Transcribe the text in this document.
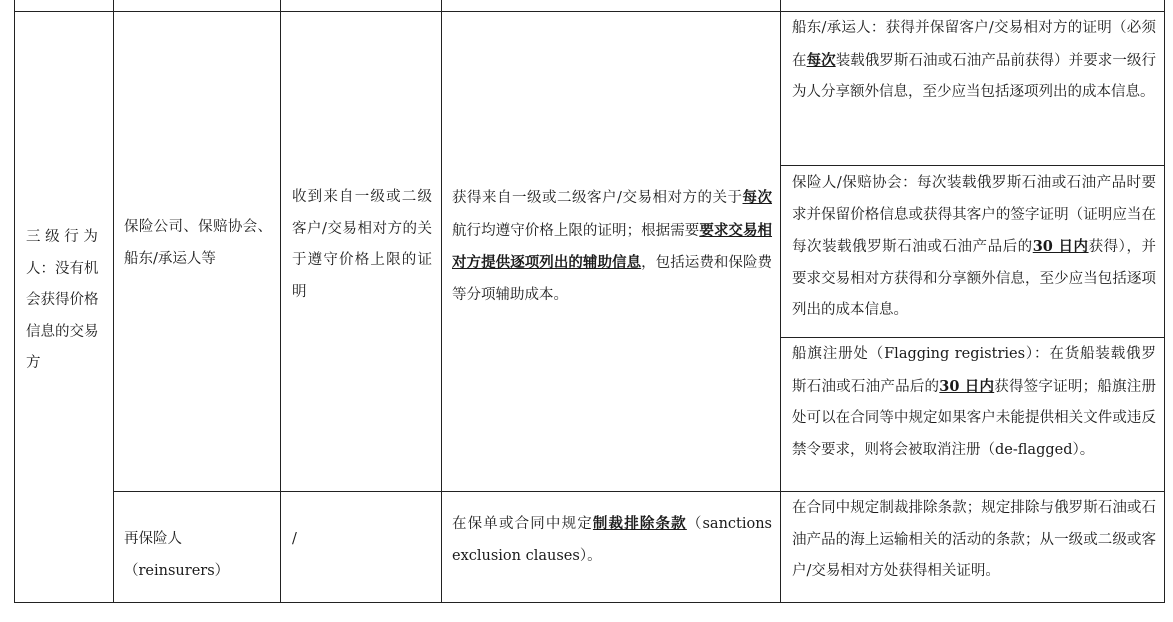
三 级 行 为

人：没有机

会获得价格

信息的交易

方

保险公司、保赔协会、船东/承运人等
收到来自一级或二级客户/交易相对方的关于遵守价格上限的证明
获得来自一级或二级客户/交易相对方的关于每次航行均遵守价格上限的证明；根据需要要求交易相对方提供逐项列出的辅助信息，包括运费和保险费等分项辅助成本。
船东/承运人：获得并保留客户/交易相对方的证明（必须在每次装载俄罗斯石油或石油产品前获得）并要求一级行为人分享额外信息，至少应当包括逐项列出的成本信息。
保险人/保赔协会：每次装载俄罗斯石油或石油产品时要求并保留价格信息或获得其客户的签字证明（证明应当在每次装载俄罗斯石油或石油产品后的30 日内获得），并要求交易相对方获得和分享额外信息，至少应当包括逐项列出的成本信息。
船旗注册处（Flagging registries）：在货船装载俄罗斯石油或石油产品后的30 日内获得签字证明；船旗注册处可以在合同等中规定如果客户未能提供相关文件或违反禁令要求，则将会被取消注册（de-flagged）。
再保险人（reinsurers）
/
在保单或合同中规定制裁排除条款（sanctions exclusion clauses）。
在合同中规定制裁排除条款；规定排除与俄罗斯石油或石油产品的海上运输相关的活动的条款；从一级或二级或客户/交易相对方处获得相关证明。
